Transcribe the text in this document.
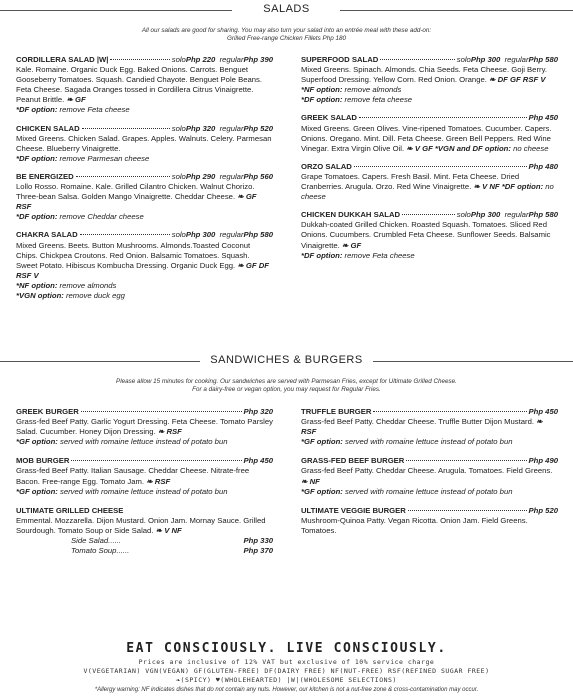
SALADS
All our salads are good for sharing. You may also turn your salad into an entrée meal with these add-on:
Grilled Free-range Chicken Fillets Php 180
CORDILLERA SALAD |W|	solo Php 220 regular Php 390
Kale. Romaine. Organic Duck Egg. Baked Onions. Carrots. Benguet Gooseberry Tomatoes. Squash. Candied Chayote. Benguet Pole Beans. Feta Cheese. Sagada Oranges tossed in Cordillera Citrus Vinaigrette. Peanut Brittle. ❧ GF
*DF option: remove Feta cheese
CHICKEN SALAD	solo Php 320 regular Php 520
Mixed Greens. Chicken Salad. Grapes. Apples. Walnuts. Celery. Parmesan Cheese. Blueberry Vinaigrette.
*DF option: remove Parmesan cheese
BE ENERGIZED	solo Php 290 regular Php 560
Lollo Rosso. Romaine. Kale. Grilled Cilantro Chicken. Walnut Chorizo. Three-bean Salsa. Golden Mango Vinaigrette. Cheddar Cheese. ❧ GF RSF
*DF option: remove Cheddar cheese
CHAKRA SALAD	solo Php 300 regular Php 580
Mixed Greens. Beets. Button Mushrooms. Almonds.Toasted Coconut Chips. Chickpea Croutons. Red Onion. Balsamic Tomatoes. Squash. Sweet Potato. Hibiscus Kombucha Dressing. Organic Duck Egg. ❧ GF DF RSF V
*NF option: remove almonds
*VGN option: remove duck egg
SUPERFOOD SALAD	solo Php 300 regular Php 580
Mixed Greens. Spinach. Almonds. Chia Seeds. Feta Cheese. Goji Berry. Superfood Dressing. Yellow Corn. Red Onion. Orange. ❧ DF GF RSF V
*NF option: remove almonds
*DF option: remove feta cheese
GREEK SALAD	Php 450
Mixed Greens. Green Olives. Vine-ripened Tomatoes. Cucumber. Capers. Onions. Oregano. Mint. Dill. Feta Cheese. Green Bell Peppers. Red Wine Vinegar. Extra Virgin Olive Oil. ❧ V GF *VGN and DF option: no cheese
ORZO SALAD	Php 480
Grape Tomatoes. Capers. Fresh Basil. Mint. Feta Cheese. Dried Cranberries. Arugula. Orzo. Red Wine Vinaigrette. ❧ V NF *DF option: no cheese
CHICKEN DUKKAH SALAD	solo Php 300 regular Php 580
Dukkah-coated Grilled Chicken. Roasted Squash. Tomatoes. Sliced Red Onions. Cucumbers. Crumbled Feta Cheese. Sunflower Seeds. Balsamic Vinaigrette. ❧ GF
*DF option: remove Feta cheese
SANDWICHES & BURGERS
Please allow 15 minutes for cooking. Our sandwiches are served with Parmesan Fries, except for Ultimate Grilled Cheese.
For a dairy-free or vegan option, you may request for Regular Fries.
GREEK BURGER	Php 320
Grass-fed Beef Patty. Garlic Yogurt Dressing. Feta Cheese. Tomato Parsley Salad. Cucumber. Honey Dijon Dressing. ❧ RSF
*GF option: served with romaine lettuce instead of potato bun
MOB BURGER	Php 450
Grass-fed Beef Patty. Italian Sausage. Cheddar Cheese. Nitrate-free Bacon. Free-range Egg. Tomato Jam. ❧ RSF
*GF option: served with romaine lettuce instead of potato bun
ULTIMATE GRILLED CHEESE
Emmental. Mozzarella. Dijon Mustard. Onion Jam. Mornay Sauce. Grilled Sourdough. Tomato Soup or Side Salad. ❧ V NF
Side Salad......	Php 330
Tomato Soup......	Php 370
TRUFFLE BURGER	Php 450
Grass-fed Beef Patty. Cheddar Cheese. Truffle Butter Dijon Mustard. ❧ RSF
*GF option: served with romaine lettuce instead of potato bun
GRASS-FED BEEF BURGER	Php 490
Grass-fed Beef Patty. Cheddar Cheese. Arugula. Tomatoes. Field Greens. ❧ NF
*GF option: served with romaine lettuce instead of potato bun
ULTIMATE VEGGIE BURGER	Php 520
Mushroom-Quinoa Patty. Vegan Ricotta. Onion Jam. Field Greens. Tomatoes.
EAT CONSCIOUSLY. LIVE CONSCIOUSLY.
Prices are inclusive of 12% VAT but exclusive of 10% service charge
V(VEGETARIAN) VGN(VEGAN) GF(GLUTEN-FREE) DF(DAIRY FREE) NF(NUT-FREE) RSF(REFINED SUGAR FREE)
❧(SPICY) ♥(WHOLEHEARTED) |W|(WHOLESOME SELECTIONS)
*Allergy warning: NF indicates dishes that do not contain any nuts. However, our kitchen is not a nut-free zone & cross-contamination may occur.
